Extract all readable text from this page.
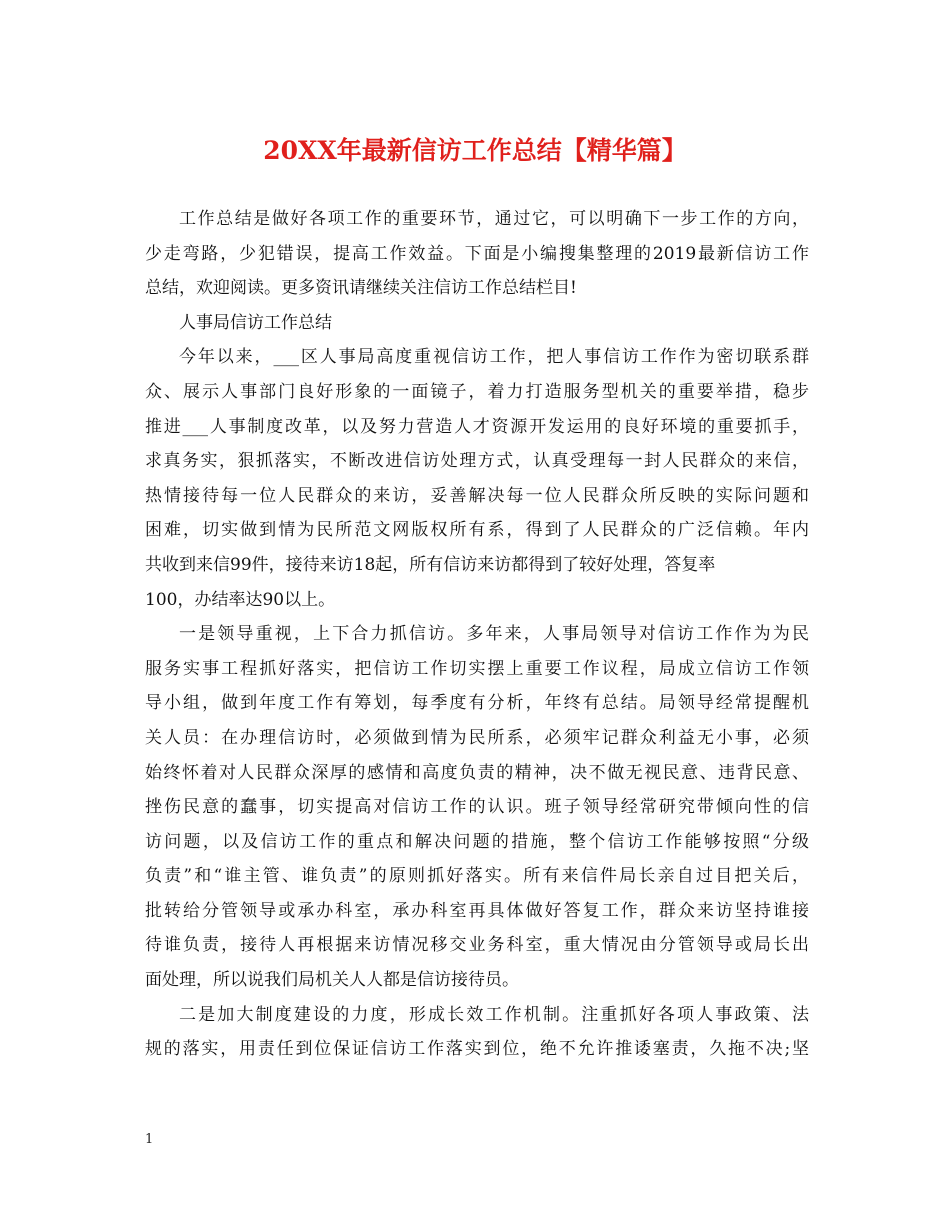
20XX年最新信访工作总结【精华篇】
工作总结是做好各项工作的重要环节，通过它，可以明确下一步工作的方向，
少走弯路，少犯错误，提高工作效益。下面是小编搜集整理的2019最新信访工作
总结，欢迎阅读。更多资讯请继续关注信访工作总结栏目!
人事局信访工作总结
今年以来，___区人事局高度重视信访工作，把人事信访工作作为密切联系群
众、展示人事部门良好形象的一面镜子，着力打造服务型机关的重要举措，稳步
推进___人事制度改革，以及努力营造人才资源开发运用的良好环境的重要抓手，
求真务实，狠抓落实，不断改进信访处理方式，认真受理每一封人民群众的来信，
热情接待每一位人民群众的来访，妥善解决每一位人民群众所反映的实际问题和
困难，切实做到情为民所范文网版权所有系，得到了人民群众的广泛信赖。年内
共收到来信99件，接待来访18起，所有信访来访都得到了较好处理，答复率
100，办结率达90以上。
一是领导重视，上下合力抓信访。多年来，人事局领导对信访工作作为为民
服务实事工程抓好落实，把信访工作切实摆上重要工作议程，局成立信访工作领
导小组，做到年度工作有筹划，每季度有分析，年终有总结。局领导经常提醒机
关人员：在办理信访时，必须做到情为民所系，必须牢记群众利益无小事，必须
始终怀着对人民群众深厚的感情和高度负责的精神，决不做无视民意、违背民意、
挫伤民意的蠢事，切实提高对信访工作的认识。班子领导经常研究带倾向性的信
访问题，以及信访工作的重点和解决问题的措施，整个信访工作能够按照“分级
负责”和“谁主管、谁负责”的原则抓好落实。所有来信件局长亲自过目把关后，
批转给分管领导或承办科室，承办科室再具体做好答复工作，群众来访坚持谁接
待谁负责，接待人再根据来访情况移交业务科室，重大情况由分管领导或局长出
面处理，所以说我们局机关人人都是信访接待员。
二是加大制度建设的力度，形成长效工作机制。注重抓好各项人事政策、法
规的落实，用责任到位保证信访工作落实到位，绝不允许推诿塞责，久拖不决;坚

1
